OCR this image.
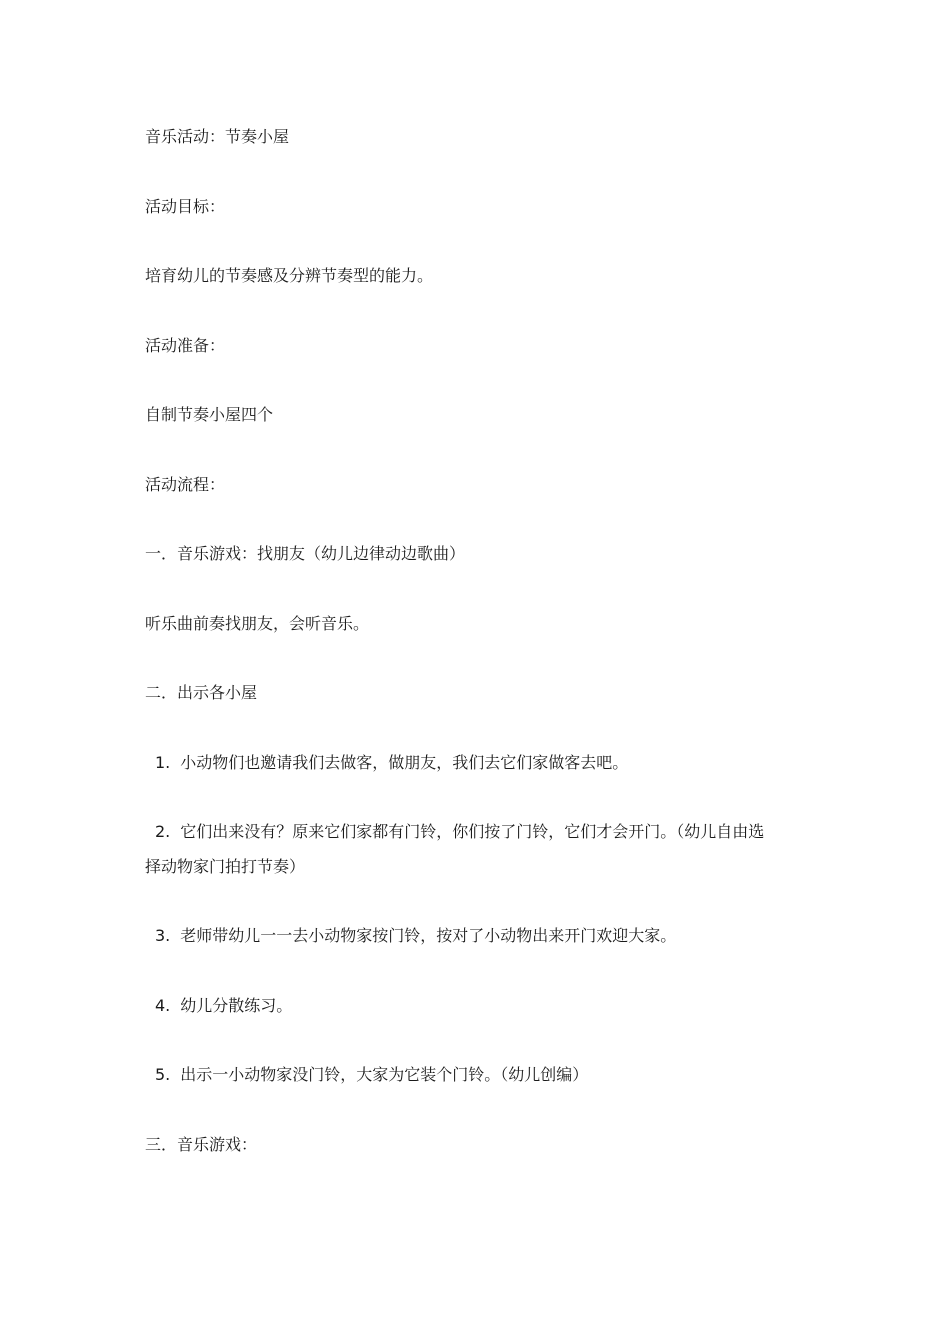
音乐活动：节奏小屋
活动目标：
培育幼儿的节奏感及分辨节奏型的能力。
活动准备：
自制节奏小屋四个
活动流程：
一．音乐游戏：找朋友（幼儿边律动边歌曲）
听乐曲前奏找朋友，会听音乐。
二．出示各小屋
1. 小动物们也邀请我们去做客，做朋友，我们去它们家做客去吧。
2. 它们出来没有？原来它们家都有门铃，你们按了门铃，它们才会开门。（幼儿自由选
择动物家门拍打节奏）
3. 老师带幼儿一一去小动物家按门铃，按对了小动物出来开门欢迎大家。
4. 幼儿分散练习。
5. 出示一小动物家没门铃，大家为它装个门铃。（幼儿创编）
三．音乐游戏：
